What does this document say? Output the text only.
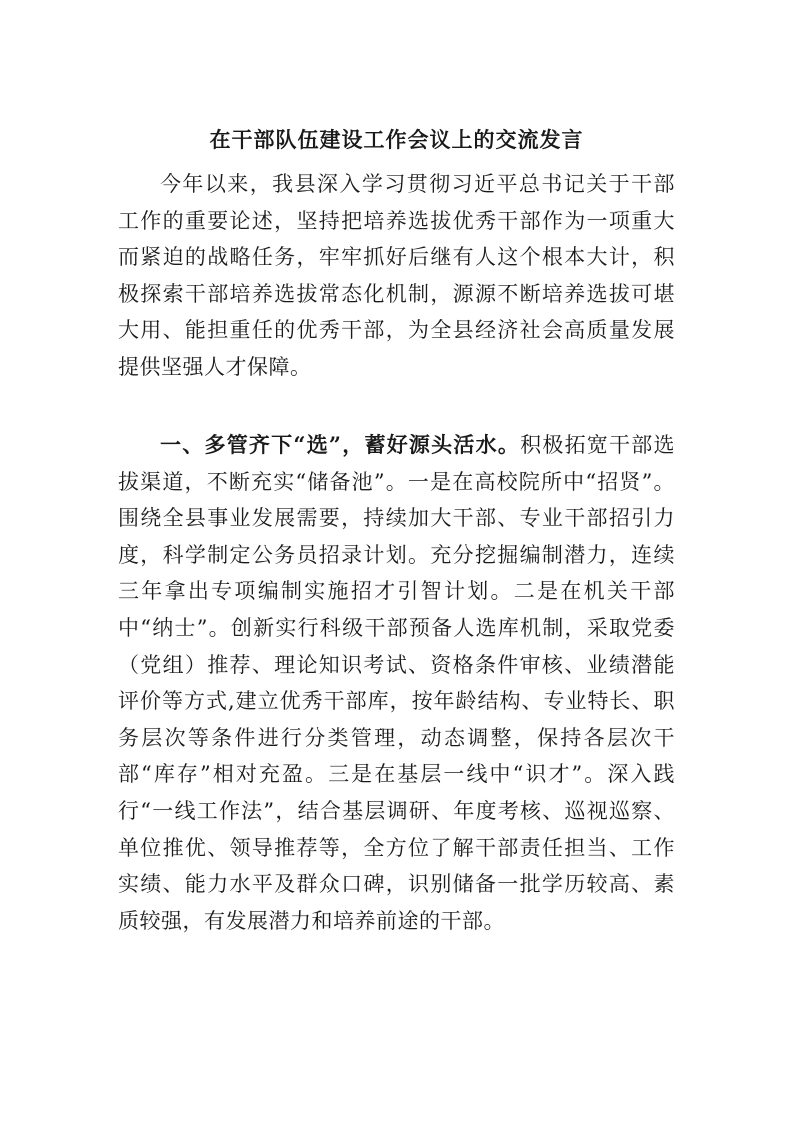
在干部队伍建设工作会议上的交流发言

今年以来，我县深入学习贯彻习近平总书记关于干部工作的重要论述，坚持把培养选拔优秀干部作为一项重大而紧迫的战略任务，牢牢抓好后继有人这个根本大计，积极探索干部培养选拔常态化机制，源源不断培养选拔可堪大用、能担重任的优秀干部，为全县经济社会高质量发展提供坚强人才保障。

一、多管齐下“选”，蓄好源头活水。积极拓宽干部选拔渠道，不断充实“储备池”。一是在高校院所中“招贤”。围绕全县事业发展需要，持续加大干部、专业干部招引力度，科学制定公务员招录计划。充分挖掘编制潜力，连续三年拿出专项编制实施招才引智计划。二是在机关干部中“纳士”。创新实行科级干部预备人选库机制，采取党委（党组）推荐、理论知识考试、资格条件审核、业绩潜能评价等方式,建立优秀干部库，按年龄结构、专业特长、职务层次等条件进行分类管理，动态调整，保持各层次干部“库存”相对充盈。三是在基层一线中“识才”。深入践行“一线工作法”，结合基层调研、年度考核、巡视巡察、单位推优、领导推荐等，全方位了解干部责任担当、工作实绩、能力水平及群众口碑，识别储备一批学历较高、素质较强，有发展潜力和培养前途的干部。
